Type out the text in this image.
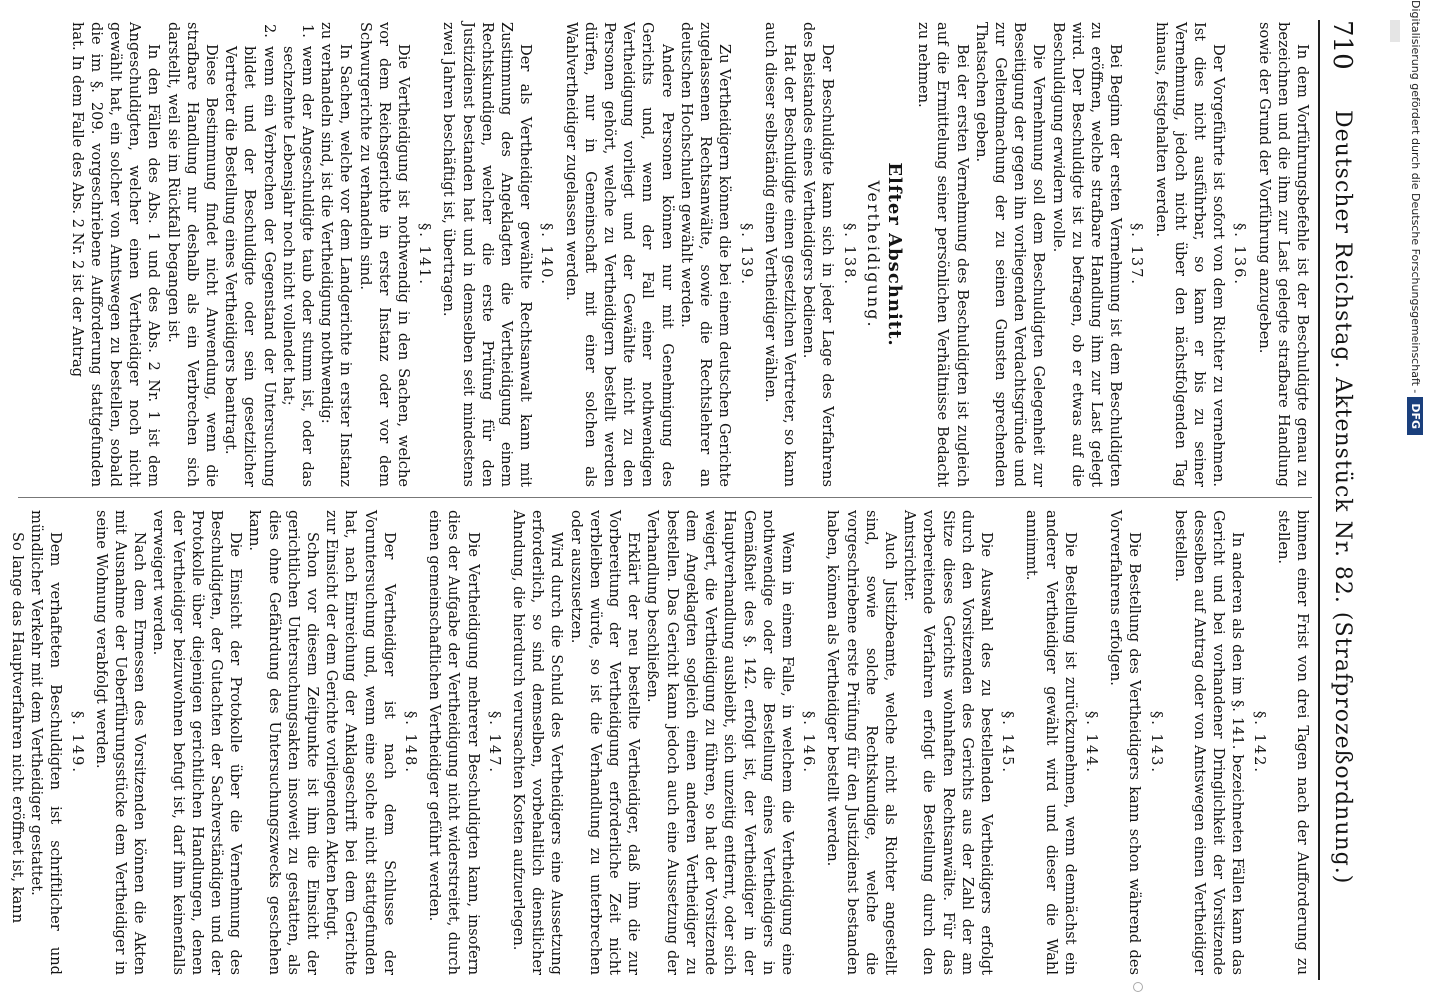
710
Deutscher Reichstag. Aktenstück Nr. 82. (Strafprozeßordnung.)
In dem Vorführungsbefehle ist der Beschuldigte genau zu bezeichnen und die ihm zur Last gelegte strafbare Handlung sowie der Grund der Vorführung anzugeben.
§. 136.
Der Vorgeführte ist sofort von dem Richter zu vernehmen. Ist dies nicht ausführbar, so kann er bis zu seiner Vernehmung, jedoch nicht über den nächstfolgenden Tag hinaus, festgehalten werden.
§. 137.
Bei Beginn der ersten Vernehmung ist dem Beschuldigten zu eröffnen, welche strafbare Handlung ihm zur Last gelegt wird. Der Beschuldigte ist zu befragen, ob er etwas auf die Beschuldigung erwidern wolle.
Die Vernehmung soll dem Beschuldigten Gelegenheit zur Beseitigung der gegen ihn vorliegenden Verdachtsgründe und zur Geltendmachung der zu seinen Gunsten sprechenden Thatsachen geben.
Bei der ersten Vernehmung des Beschuldigten ist zugleich auf die Ermittelung seiner persönlichen Verhältnisse Bedacht zu nehmen.
Elfter Abschnitt.
Vertheidigung.
§. 138.
Der Beschuldigte kann sich in jeder Lage des Verfahrens des Beistandes eines Vertheidigers bedienen.
Hat der Beschuldigte einen gesetzlichen Vertreter, so kann auch dieser selbständig einen Vertheidiger wählen.
§. 139.
Zu Vertheidigern können die bei einem deutschen Gerichte zugelassenen Rechtsanwälte, sowie die Rechtslehrer an deutschen Hochschulen gewählt werden.
Andere Personen können nur mit Genehmigung des Gerichts und, wenn der Fall einer nothwendigen Vertheidigung vorliegt und der Gewählte nicht zu den Personen gehört, welche zu Vertheidigern bestellt werden dürfen, nur in Gemeinschaft mit einer solchen als Wahlvertheidiger zugelassen werden.
§. 140.
Der als Vertheidiger gewählte Rechtsanwalt kann mit Zustimmung des Angeklagten die Vertheidigung einem Rechtskundigen, welcher die erste Prüfung für den Justizdienst bestanden hat und in demselben seit mindestens zwei Jahren beschäftigt ist, übertragen.
§. 141.
Die Vertheidigung ist nothwendig in den Sachen, welche vor dem Reichsgerichte in erster Instanz oder vor dem Schwurgerichte zu verhandeln sind.
In Sachen, welche vor dem Landgerichte in erster Instanz zu verhandeln sind, ist die Vertheidigung nothwendig:
1. wenn der Angeschuldigte taub oder stumm ist, oder das sechzehnte Lebensjahr noch nicht vollendet hat;
2. wenn ein Verbrechen der Gegenstand der Untersuchung bildet und der Beschuldigte oder sein gesetzlicher Vertreter die Bestellung eines Vertheidigers beantragt.
Diese Bestimmung findet nicht Anwendung, wenn die strafbare Handlung nur deshalb als ein Verbrechen sich darstellt, weil sie im Rückfall begangen ist.
In den Fällen des Abs. 1 und des Abs. 2 Nr. 1 ist dem Angeschuldigten, welcher einen Vertheidiger noch nicht gewählt hat, ein solcher von Amtswegen zu bestellen, sobald die im §. 209. vorgeschriebene Aufforderung stattgefunden hat. In dem Falle des Abs. 2 Nr. 2 ist der Antrag
binnen einer Frist von drei Tagen nach der Aufforderung zu stellen.
§. 142.
In anderen als den im §. 141. bezeichneten Fällen kann das Gericht und bei vorhandener Dringlichkeit der Vorsitzende desselben auf Antrag oder von Amtswegen einen Vertheidiger bestellen.
§. 143.
Die Bestellung des Vertheidigers kann schon während des Vorverfahrens erfolgen.
§. 144.
Die Bestellung ist zurückzunehmen, wenn demnächst ein anderer Vertheidiger gewählt wird und dieser die Wahl annimmt.
§. 145.
Die Auswahl des zu bestellenden Vertheidigers erfolgt durch den Vorsitzenden des Gerichts aus der Zahl der am Sitze dieses Gerichts wohnhaften Rechtsanwälte. Für das vorbereitende Verfahren erfolgt die Bestellung durch den Amtsrichter.
Auch Justizbeamte, welche nicht als Richter angestellt sind, sowie solche Rechtskundige, welche die vorgeschriebene erste Prüfung für den Justizdienst bestanden haben, können als Vertheidiger bestellt werden.
§. 146.
Wenn in einem Falle, in welchem die Vertheidigung eine nothwendige oder die Bestellung eines Vertheidigers in Gemäßheit des §. 142. erfolgt ist, der Vertheidiger in der Hauptverhandlung ausbleibt, sich unzeitig entfernt, oder sich weigert, die Vertheidigung zu führen, so hat der Vorsitzende dem Angeklagten sogleich einen anderen Vertheidiger zu bestellen. Das Gericht kann jedoch auch eine Aussetzung der Verhandlung beschließen.
Erklärt der neu bestellte Vertheidiger, daß ihm die zur Vorbereitung der Vertheidigung erforderliche Zeit nicht verbleiben würde, so ist die Verhandlung zu unterbrechen oder auszusetzen.
Wird durch die Schuld des Vertheidigers eine Aussetzung erforderlich, so sind demselben, vorbehaltlich dienstlicher Ahndung, die hierdurch verursachten Kosten aufzuerlegen.
§. 147.
Die Vertheidigung mehrerer Beschuldigten kann, insofern dies der Aufgabe der Vertheidigung nicht widerstreitet, durch einen gemeinschaftlichen Vertheidiger geführt werden.
§. 148.
Der Vertheidiger ist nach dem Schlusse der Voruntersuchung und, wenn eine solche nicht stattgefunden hat, nach Einreichung der Anklageschrift bei dem Gerichte zur Einsicht der dem Gerichte vorliegenden Akten befugt.
Schon vor diesem Zeitpunkte ist ihm die Einsicht der gerichtlichen Untersuchungsakten insoweit zu gestatten, als dies ohne Gefährdung des Untersuchungszwecks geschehen kann.
Die Einsicht der Protokolle über die Vernehmung des Beschuldigten, der Gutachten der Sachverständigen und der Protokolle über diejenigen gerichtlichen Handlungen, denen der Vertheidiger beizuwohnen befugt ist, darf ihm keinenfalls verweigert werden.
Nach dem Ermessen des Vorsitzenden können die Akten mit Ausnahme der Ueberführungsstücke dem Vertheidiger in seine Wohnung verabfolgt werden.
§. 149.
Dem verhafteten Beschuldigten ist schriftlicher und mündlicher Verkehr mit dem Vertheidiger gestattet.
So lange das Hauptverfahren nicht eröffnet ist, kann
Digitalisierung gefördert durch die Deutsche Forschungsgemeinschaft -DFG
